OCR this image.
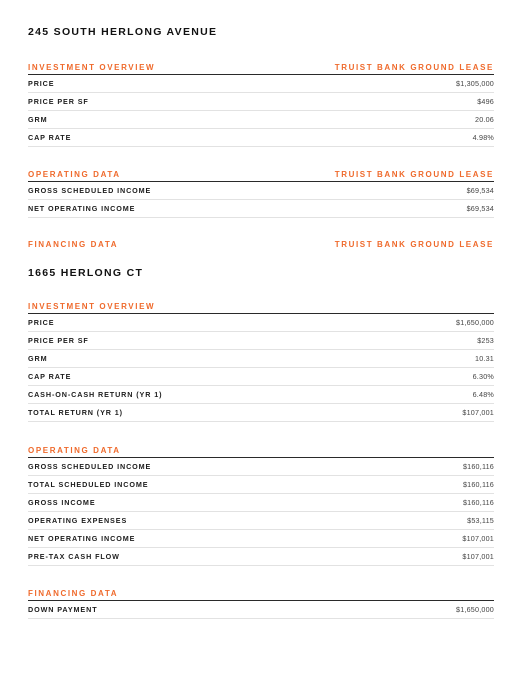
245 SOUTH HERLONG AVENUE
INVESTMENT OVERVIEW	TRUIST BANK GROUND LEASE
PRICE	$1,305,000
PRICE PER SF	$496
GRM	20.06
CAP RATE	4.98%
OPERATING DATA	TRUIST BANK GROUND LEASE
GROSS SCHEDULED INCOME	$69,534
NET OPERATING INCOME	$69,534
FINANCING DATA	TRUIST BANK GROUND LEASE
1665 HERLONG CT
INVESTMENT OVERVIEW
PRICE	$1,650,000
PRICE PER SF	$253
GRM	10.31
CAP RATE	6.30%
CASH-ON-CASH RETURN (YR 1)	6.48%
TOTAL RETURN (YR 1)	$107,001
OPERATING DATA
GROSS SCHEDULED INCOME	$160,116
TOTAL SCHEDULED INCOME	$160,116
GROSS INCOME	$160,116
OPERATING EXPENSES	$53,115
NET OPERATING INCOME	$107,001
PRE-TAX CASH FLOW	$107,001
FINANCING DATA
DOWN PAYMENT	$1,650,000
